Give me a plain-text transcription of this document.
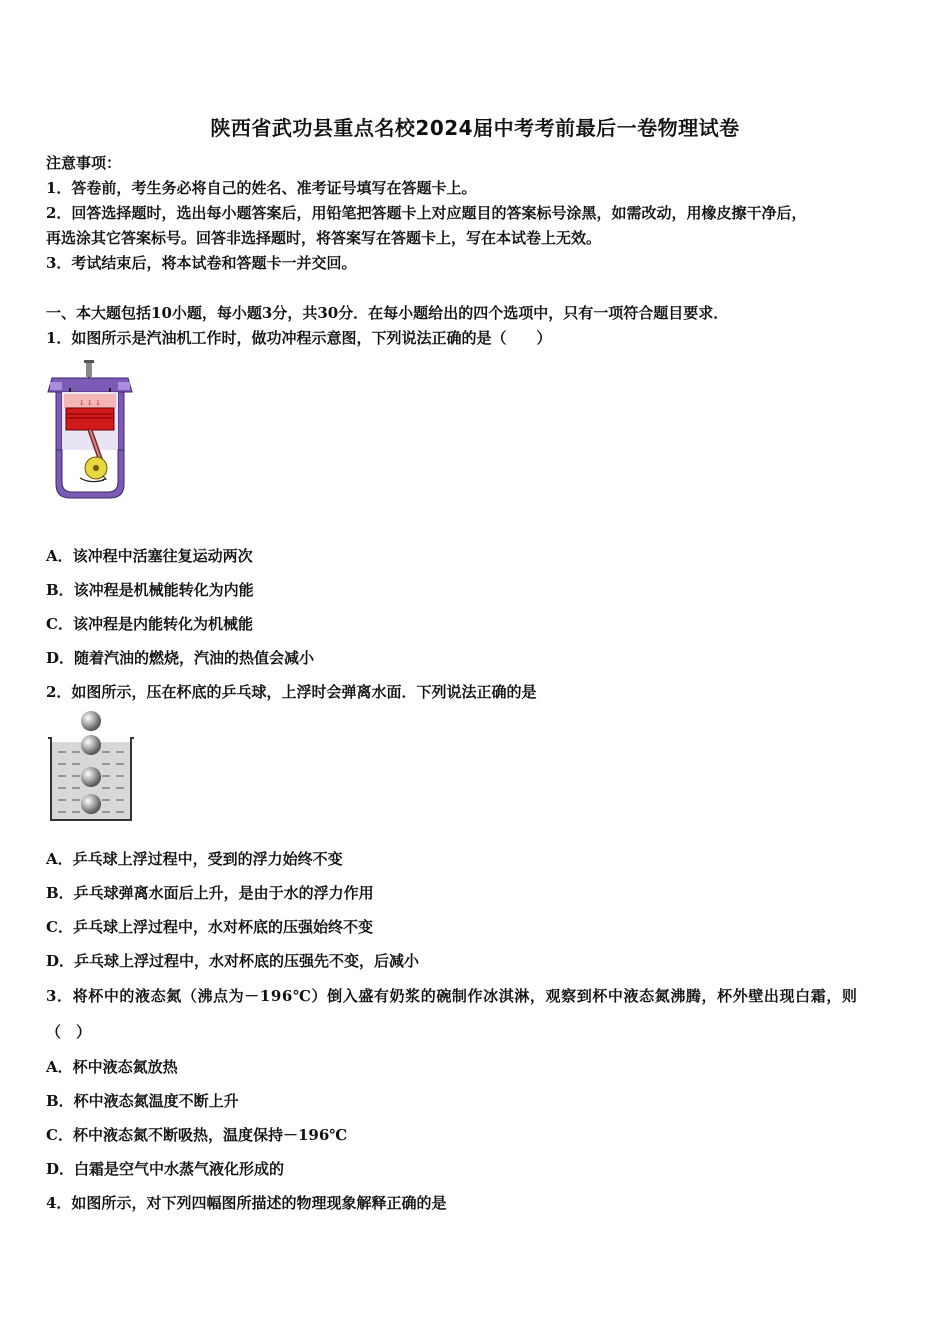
陕西省武功县重点名校2024届中考考前最后一卷物理试卷
注意事项：
1．答卷前，考生务必将自己的姓名、准考证号填写在答题卡上。
2．回答选择题时，选出每小题答案后，用铅笔把答题卡上对应题目的答案标号涂黑，如需改动，用橡皮擦干净后，
再选涂其它答案标号。回答非选择题时，将答案写在答题卡上，写在本试卷上无效。
3．考试结束后，将本试卷和答题卡一并交回。
一、本大题包括10小题，每小题3分，共30分．在每小题给出的四个选项中，只有一项符合题目要求．
1．如图所示是汽油机工作时，做功冲程示意图，下列说法正确的是（　　）
↓ ↓ ↓
A．该冲程中活塞往复运动两次
B．该冲程是机械能转化为内能
C．该冲程是内能转化为机械能
D．随着汽油的燃烧，汽油的热值会减小
2．如图所示，压在杯底的乒乓球，上浮时会弹离水面．下列说法正确的是
A．乒乓球上浮过程中，受到的浮力始终不变
B．乒乓球弹离水面后上升，是由于水的浮力作用
C．乒乓球上浮过程中，水对杯底的压强始终不变
D．乒乓球上浮过程中，水对杯底的压强先不变，后减小
3．将杯中的液态氮（沸点为－196℃）倒入盛有奶浆的碗制作冰淇淋，观察到杯中液态氮沸腾，杯外壁出现白霜，则
（　）
A．杯中液态氮放热
B．杯中液态氮温度不断上升
C．杯中液态氮不断吸热，温度保持－196℃
D．白霜是空气中水蒸气液化形成的
4．如图所示，对下列四幅图所描述的物理现象解释正确的是
